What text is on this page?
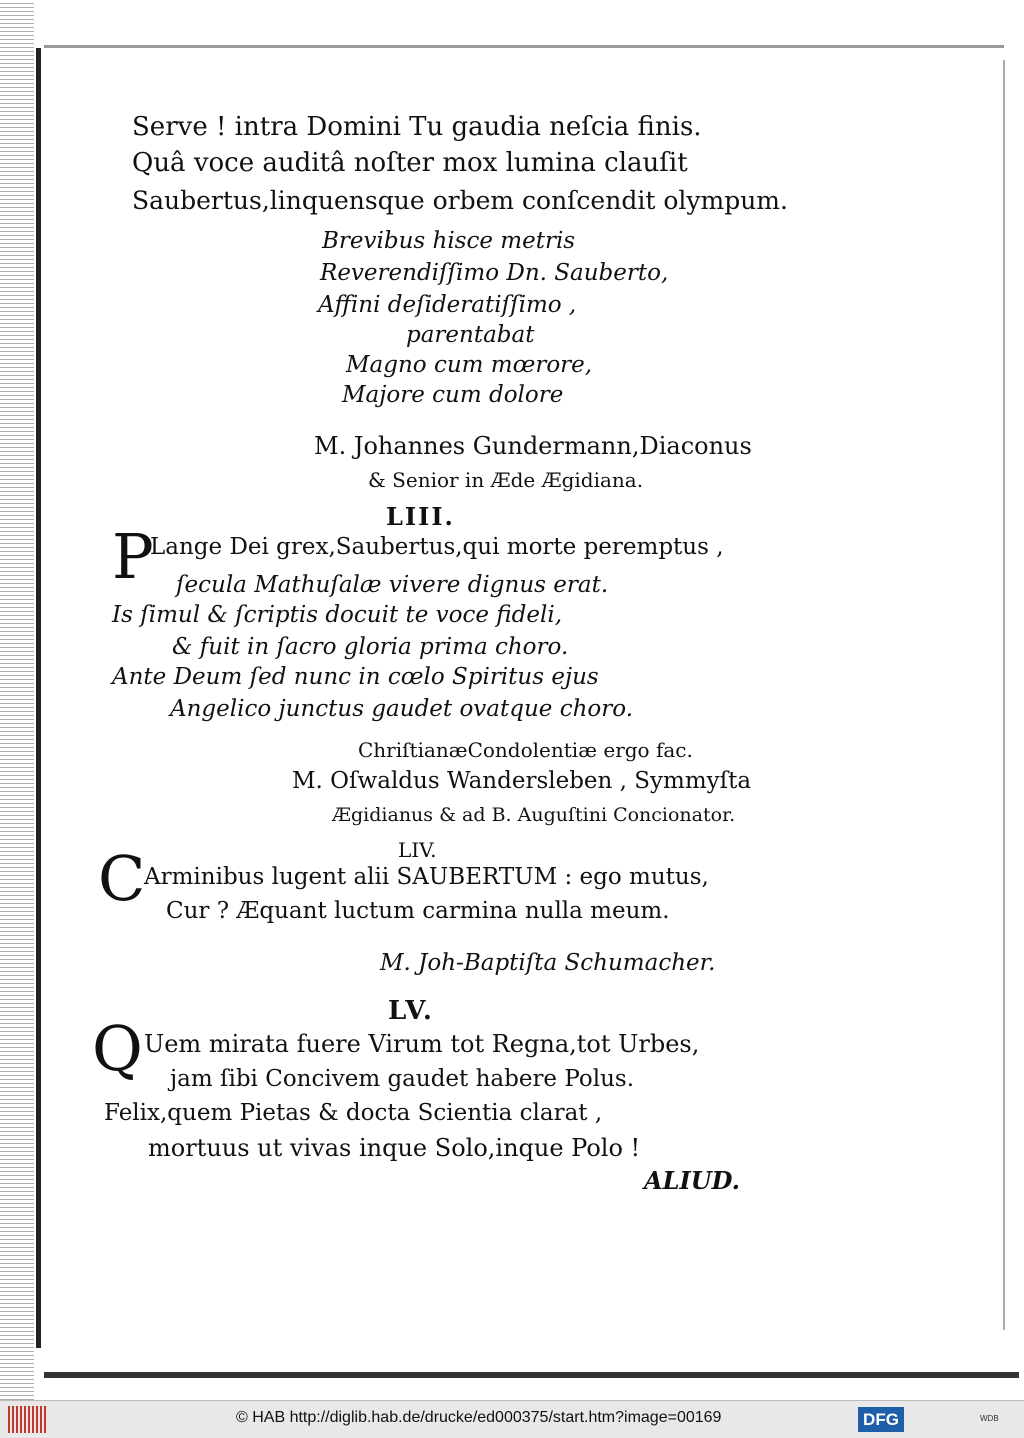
Serve ! intra Domini Tu gaudia neſcia finis.
Quâ voce auditâ noſter mox lumina clauſit
Saubertus,linquensque orbem conſcendit olympum.
Brevibus hisce metris
Reverendiſſimo Dn. Sauberto,
Affini deſideratiſſimo ,
parentabat
Magno cum mœrore,
Majore cum dolore
M. Johannes Gundermann,Diaconus
& Senior in Æde Ægidiana.
LIII.
P
Lange Dei grex,Saubertus,qui morte peremptus ,
ſecula Mathuſalæ vivere dignus erat.
Is ſimul & ſcriptis docuit te voce fideli,
& fuit in ſacro gloria prima choro.
Ante Deum ſed nunc in cœlo Spiritus ejus
Angelico junctus gaudet ovatque choro.
ChriſtianæCondolentiæ ergo fac.
M. Oſwaldus Wandersleben , Symmyſta
Ægidianus & ad B. Auguſtini Concionator.
LIV.
C
Arminibus lugent alii SAUBERTUM : ego mutus,
Cur ? Æquant luctum carmina nulla meum.
M. Joh-Baptiſta Schumacher.
LV.
Q Uem mirata fuere Virum tot Regna,tot Urbes,
jam ſibi Concivem gaudet habere Polus.
Felix,quem Pietas & docta Scientia clarat ,
mortuus ut vivas inque Solo,inque Polo !
ALIUD.
© HAB http://diglib.hab.de/drucke/ed000375/start.htm?image=00169	DFG	WDB
